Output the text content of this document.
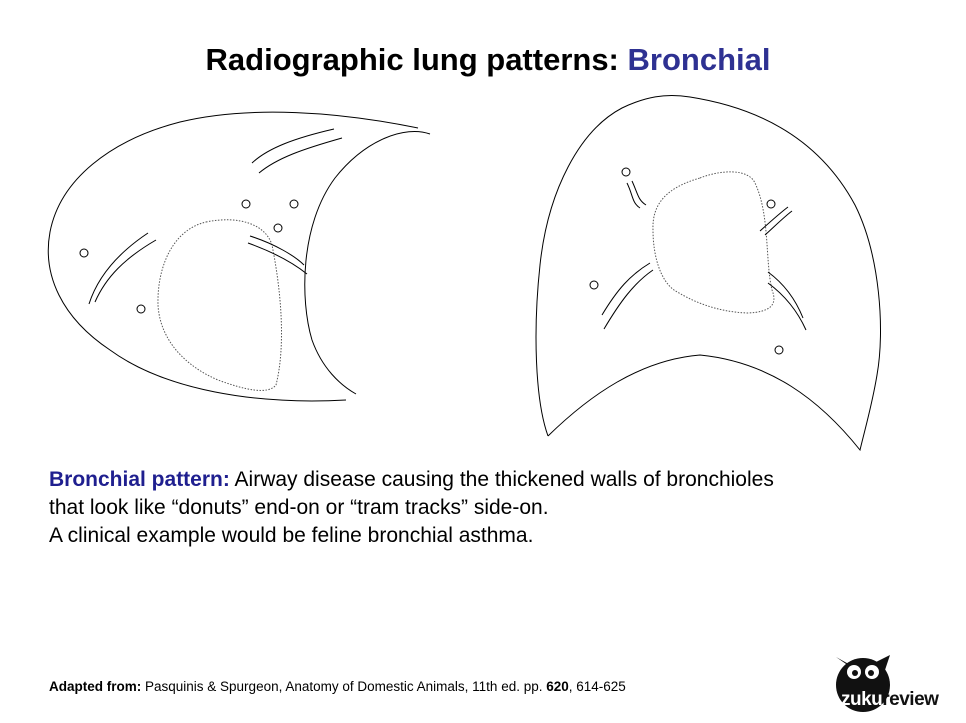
Radiographic lung patterns: Bronchial
Bronchial pattern: Airway disease causing the thickened walls of bronchioles
that look like “donuts” end-on or “tram tracks” side-on.
A clinical example would be feline bronchial asthma.
Adapted from: Pasquinis & Spurgeon, Anatomy of Domestic Animals, 11th ed. pp. 620, 614-625
zukureview
